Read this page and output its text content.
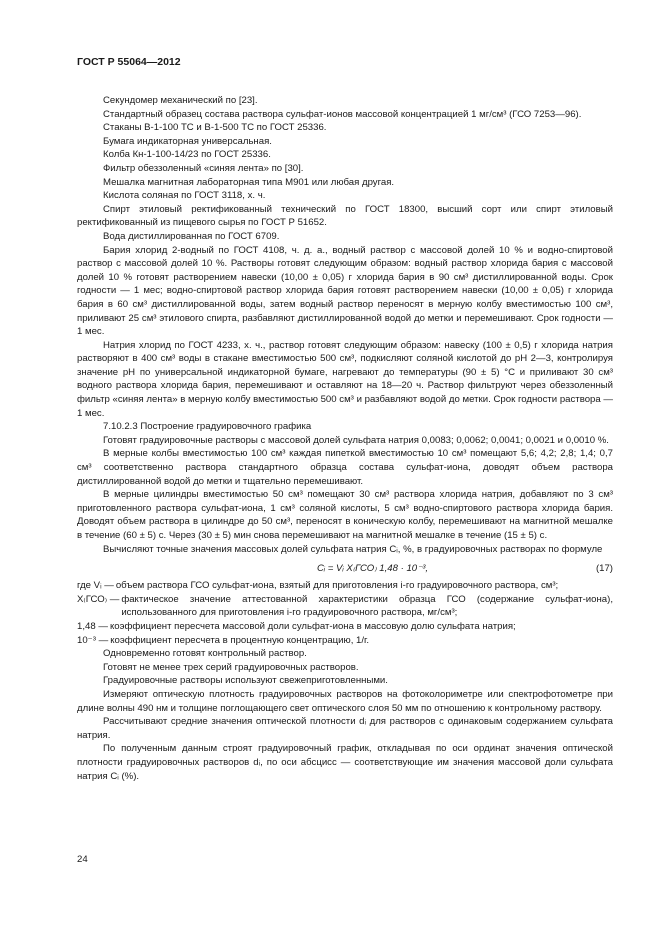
ГОСТ Р 55064—2012

Секундомер механический по [23].

Стандартный образец состава раствора сульфат-ионов массовой концентрацией 1 мг/см³ (ГСО 7253—96).

Стаканы В-1-100 ТС и В-1-500 ТС по ГОСТ 25336.

Бумага индикаторная универсальная.

Колба Кн-1-100-14/23 по ГОСТ 25336.

Фильтр обеззоленный «синяя лента» по [30].

Мешалка магнитная лабораторная типа М901 или любая другая.

Кислота соляная по ГОСТ 3118, х. ч.

Спирт этиловый ректификованный технический по ГОСТ 18300, высший сорт или спирт этиловый ректификованный из пищевого сырья по ГОСТ Р 51652.

Вода дистиллированная по ГОСТ 6709.

Бария хлорид 2-водный по ГОСТ 4108, ч. д. а., водный раствор с массовой долей 10 % и водно-спиртовой раствор с массовой долей 10 %. Растворы готовят следующим образом: водный раствор хлорида бария с массовой долей 10 % готовят растворением навески (10,00 ± 0,05) г хлорида бария в 90 см³ дистиллированной воды. Срок годности — 1 мес; водно-спиртовой раствор хлорида бария готовят растворением навески (10,00 ± 0,05) г хлорида бария в 60 см³ дистиллированной воды, затем водный раствор переносят в мерную колбу вместимостью 100 см³, приливают 25 см³ этилового спирта, разбавляют дистиллированной водой до метки и перемешивают. Срок годности — 1 мес.

Натрия хлорид по ГОСТ 4233, х. ч., раствор готовят следующим образом: навеску (100 ± 0,5) г хлорида натрия растворяют в 400 см³ воды в стакане вместимостью 500 см³, подкисляют соляной кислотой до pH 2—3, контролируя значение pH по универсальной индикаторной бумаге, нагревают до температуры (90 ± 5) °С и приливают 30 см³ водного раствора хлорида бария, перемешивают и оставляют на 18—20 ч. Раствор фильтруют через обеззоленный фильтр «синяя лента» в мерную колбу вместимостью 500 см³ и разбавляют водой до метки. Срок годности раствора — 1 мес.

7.10.2.3 Построение градуировочного графика

Готовят градуировочные растворы с массовой долей сульфата натрия 0,0083; 0,0062; 0,0041; 0,0021 и 0,0010 %.

В мерные колбы вместимостью 100 см³ каждая пипеткой вместимостью 10 см³ помещают 5,6; 4,2; 2,8; 1,4; 0,7 см³ соответственно раствора стандартного образца состава сульфат-иона, доводят объем раствора дистиллированной водой до метки и тщательно перемешивают.

В мерные цилиндры вместимостью 50 см³ помещают 30 см³ раствора хлорида натрия, добавляют по 3 см³ приготовленного раствора сульфат-иона, 1 см³ соляной кислоты, 5 см³ водно-спиртового раствора хлорида бария. Доводят объем раствора в цилиндре до 50 см³, переносят в коническую колбу, перемешивают на магнитной мешалке в течение (60 ± 5) с. Через (30 ± 5) мин снова перемешивают на магнитной мешалке в течение (15 ± 5) с.

Вычисляют точные значения массовых долей сульфата натрия Cᵢ, %, в градуировочных растворах по формуле

Cᵢ = Vᵢ X₍ГСО₎ 1,48 · 10⁻³,	(17)
где Vᵢ — объем раствора ГСО сульфат-иона, взятый для приготовления i-го градуировочного раствора, см³;
X₍ГСО₎ — фактическое значение аттестованной характеристики образца ГСО (содержание сульфат-иона), использованного для приготовления i-го градуировочного раствора, мг/см³;
1,48 — коэффициент пересчета массовой доли сульфат-иона в массовую долю сульфата натрия;
10⁻³ — коэффициент пересчета в процентную концентрацию, 1/г.

Одновременно готовят контрольный раствор.

Готовят не менее трех серий градуировочных растворов.

Градуировочные растворы используют свежеприготовленными.

Измеряют оптическую плотность градуировочных растворов на фотоколориметре или спектрофотометре при длине волны 490 нм и толщине поглощающего свет оптического слоя 50 мм по отношению к контрольному раствору.

Рассчитывают средние значения оптической плотности dᵢ для растворов с одинаковым содержанием сульфата натрия.

По полученным данным строят градуировочный график, откладывая по оси ординат значения оптической плотности градуировочных растворов dᵢ, по оси абсцисс — соответствующие им значения массовой доли сульфата натрия Cᵢ (%).

24
